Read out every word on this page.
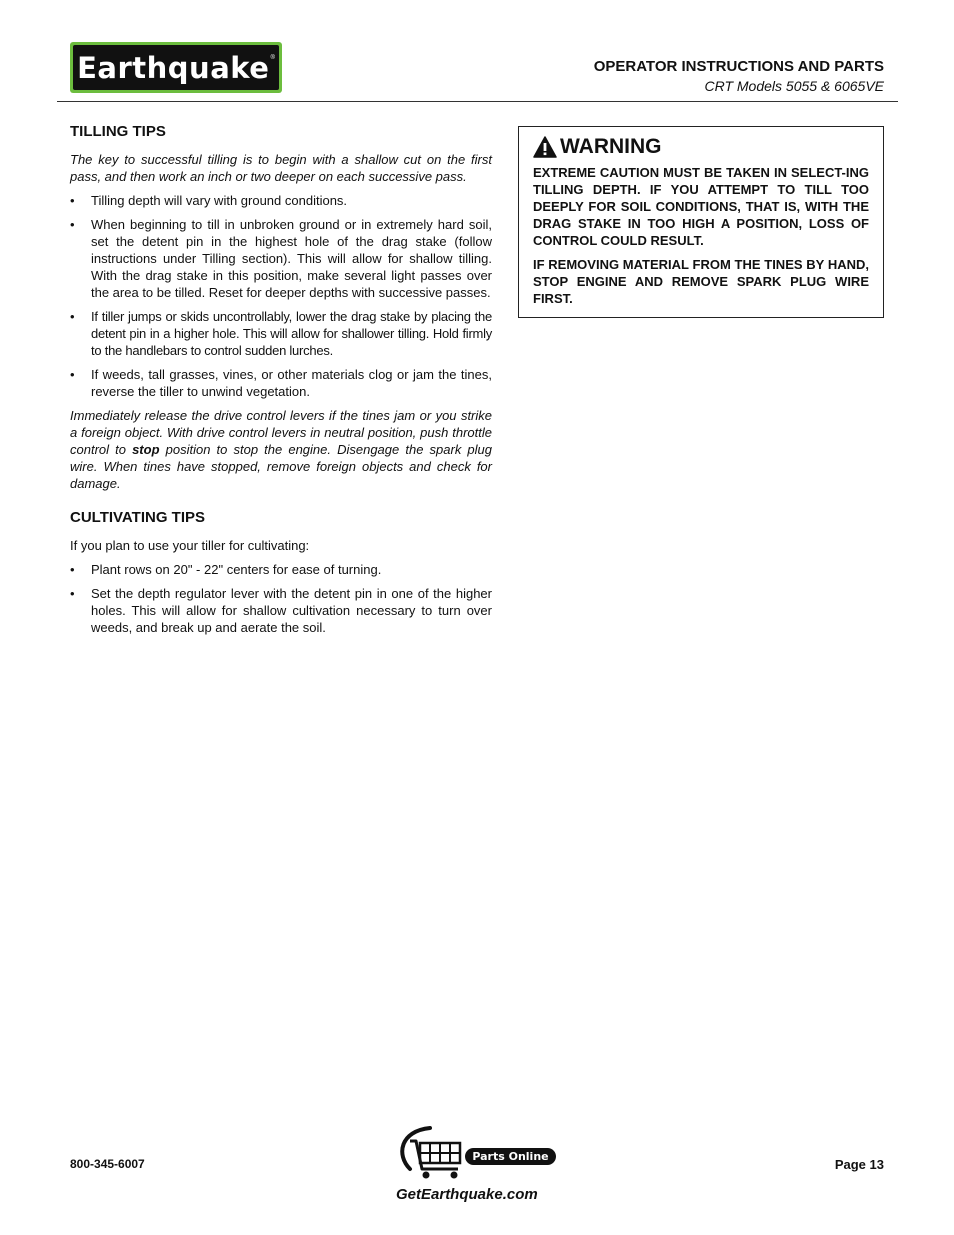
Earthquake ®
OPERATOR INSTRUCTIONS AND PARTS
CRT Models 5055 & 6065VE
TILLING TIPS

The key to successful tilling is to begin with a shallow cut on the first pass, and then work an inch or two deeper on each successive pass.

• Tilling depth will vary with ground conditions.
• When beginning to till in unbroken ground or in extremely hard soil, set the detent pin in the highest hole of the drag stake (follow instructions under Tilling section). This will allow for shallow tilling. With the drag stake in this position, make several light passes over the area to be tilled. Reset for deeper depths with successive passes.
• If tiller jumps or skids uncontrollably, lower the drag stake by placing the detent pin in a higher hole. This will allow for shallower tilling. Hold firmly to the handlebars to control sudden lurches.
• If weeds, tall grasses, vines, or other materials clog or jam the tines, reverse the tiller to unwind vegetation.

Immediately release the drive control levers if the tines jam or you strike a foreign object. With drive control levers in neutral position, push throttle control to stop position to stop the engine. Disengage the spark plug wire. When tines have stopped, remove foreign objects and check for damage.

CULTIVATING TIPS

If you plan to use your tiller for cultivating:

• Plant rows on 20" - 22" centers for ease of turning.
• Set the depth regulator lever with the detent pin in one of the higher holes. This will allow for shallow cultivation necessary to turn over weeds, and break up and aerate the soil.
WARNING

EXTREME CAUTION MUST BE TAKEN IN SELECT-ING TILLING DEPTH. IF YOU ATTEMPT TO TILL TOO DEEPLY FOR SOIL CONDITIONS, THAT IS, WITH THE DRAG STAKE IN TOO HIGH A POSITION, LOSS OF CONTROL COULD RESULT.

IF REMOVING MATERIAL FROM THE TINES BY HAND, STOP ENGINE AND REMOVE SPARK PLUG WIRE FIRST.

800-345-6007
Parts Online
GetEarthquake.com
Page 13
